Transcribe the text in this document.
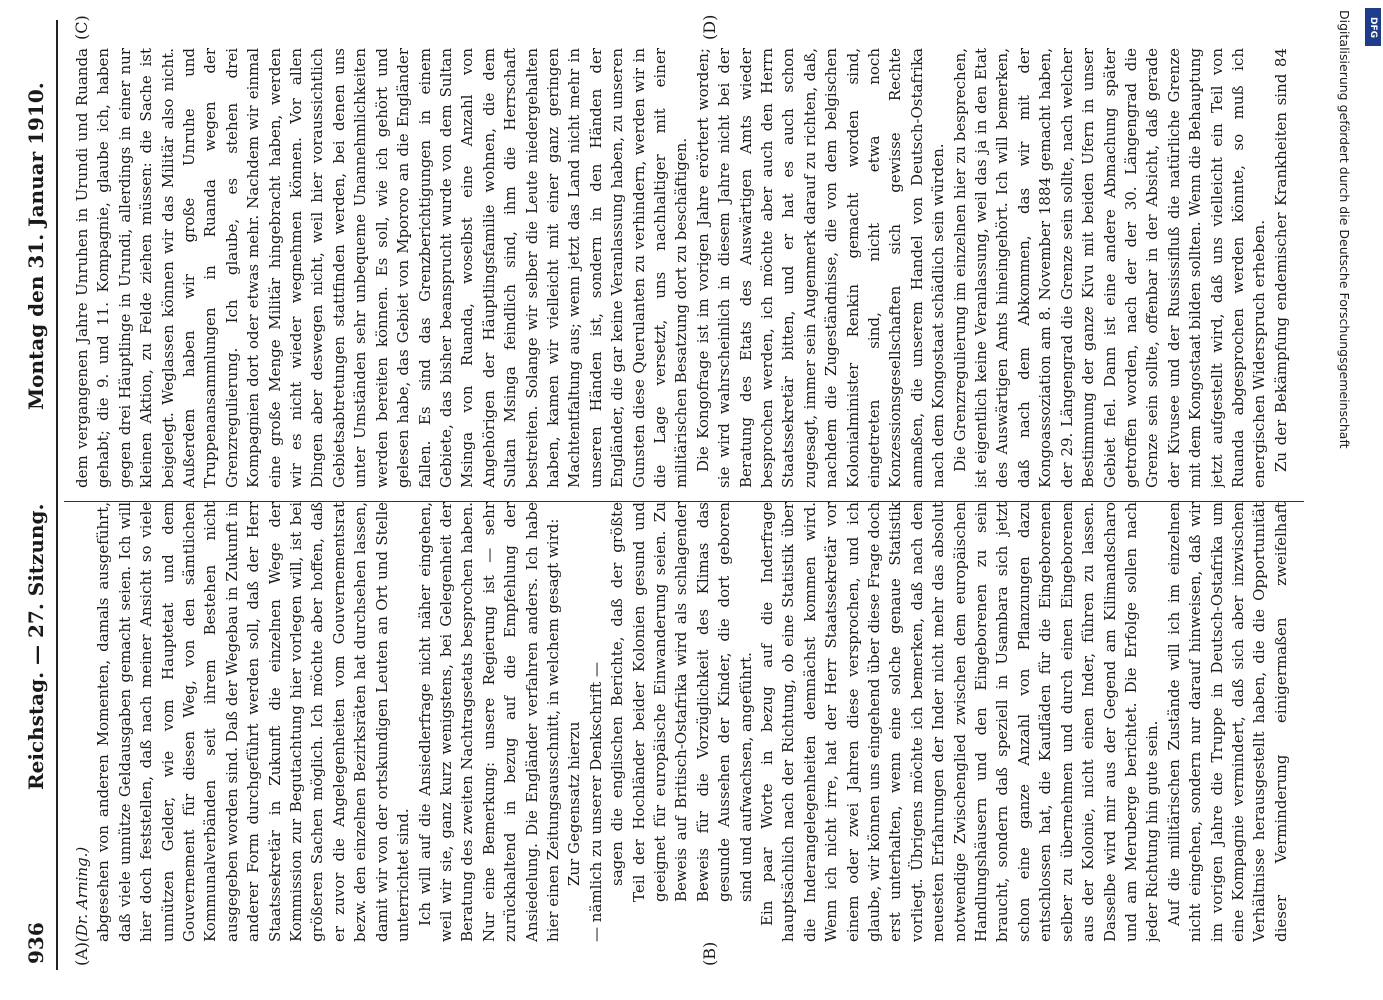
936
Reichstag. — 27. Sitzung.
Montag den 31. Januar 1910.
(A)	(B)
(C)	(D)

(Dr. Arning.) abgesehen von anderen Momenten, damals ausgeführt, daß viele unnütze Geldausgaben gemacht seien. Ich will hier doch feststellen, daß nach meiner Ansicht so viele unnützen Gelder, wie vom Hauptetat und dem Gouvernement für diesen Weg, von den sämtlichen Kommunalverbänden seit ihrem Bestehen nicht ausgegeben worden sind. Daß der Wegebau in Zukunft in anderer Form durchgeführt werden soll, daß der Herr Staatssekretär in Zukunft die einzelnen Wege der Kommission zur Begutachtung hier vorlegen will, ist bei größeren Sachen möglich. Ich möchte aber hoffen, daß er zuvor die Angelegenheiten vom Gouvernementsrat bezw. den einzelnen Bezirksräten hat durchsehen lassen, damit wir von der ortskundigen Leuten an Ort und Stelle unterrichtet sind. Ich will auf die Ansiedlerfrage nicht näher eingehen, weil wir sie, ganz kurz wenigstens, bei Gelegenheit der Beratung des zweiten Nachtragsetats besprochen haben. Nur eine Bemerkung: unsere Regierung ist — sehr zurückhaltend in bezug auf die Empfehlung der Ansiedelung. Die Engländer verfahren anders. Ich habe hier einen Zeitungsausschnitt, in welchem gesagt wird: Zur Gegensatz hierzu — nämlich zu unserer Denkschrift — sagen die englischen Berichte, daß der größte Teil der Hochländer beider Kolonien gesund und geeignet für europäische Einwanderung seien. Zu Beweis auf Britisch-Ostafrika wird als schlagender Beweis für die Vorzüglichkeit des Klimas das gesunde Aussehen der Kinder, die dort geboren sind und aufwachsen, angeführt. Ein paar Worte in bezug auf die Inderfrage hauptsächlich nach der Richtung, ob eine Statistik über die Inderangelegenheiten demnächst kommen wird. Wenn ich nicht irre, hat der Herr Staatssekretär vor einem oder zwei Jahren diese versprochen, und ich glaube, wir können uns eingehend über diese Frage doch erst unterhalten, wenn eine solche genaue Statistik vorliegt. Übrigens möchte ich bemerken, daß nach den neuesten Erfahrungen der Inder nicht mehr das absolut notwendige Zwischenglied zwischen dem europäischen Handlungshäusern und den Eingeborenen zu sein braucht, sondern daß speziell in Usambara sich jetzt schon eine ganze Anzahl von Pflanzungen dazu entschlossen hat, die Kaufläden für die Eingeborenen selber zu übernehmen und durch einen Eingeborenen aus der Kolonie, nicht einen Inder, führen zu lassen. Dasselbe wird mir aus der Gegend am Kilimandscharo und am Meruberge berichtet. Die Erfolge sollen nach jeder Richtung hin gute sein. Auf die militärischen Zustände will ich im einzelnen nicht eingehen, sondern nur darauf hinweisen, daß wir im vorigen Jahre die Truppe in Deutsch-Ostafrika um eine Kompagnie vermindert, daß sich aber inzwischen Verhältnisse herausgestellt haben, die die Opportunität dieser Verminderung einigermaßen zweifelhaft

dem vergangenen Jahre Unruhen in Urundi und Ruanda gehabt; die 9. und 11. Kompagnie, glaube ich, haben gegen drei Häuptlinge in Urundi, allerdings in einer nur kleinen Aktion, zu Felde ziehen müssen: die Sache ist beigelegt. Weglassen können wir das Militär also nicht. Außerdem haben wir große Unruhe und Truppenansammlungen in Ruanda wegen der Grenzregulierung. Ich glaube, es stehen drei Kompagnien dort oder etwas mehr. Nachdem wir einmal eine große Menge Militär hingebracht haben, werden wir es nicht wieder wegnehmen können. Vor allen Dingen aber deswegen nicht, weil hier voraussichtlich Gebietsabtretungen stattfinden werden, bei denen uns unter Umständen sehr unbequeme Unannehmlichkeiten werden bereiten können. Es soll, wie ich gehört und gelesen habe, das Gebiet von Mpororo an die Engländer fallen. Es sind das Grenzberichtigungen in einem Gebiete, das bisher beansprucht wurde von dem Sultan Msinga von Ruanda, woselbst eine Anzahl von Angehörigen der Häuptlingsfamilie wohnen, die dem Sultan Msinga feindlich sind, ihm die Herrschaft bestreiten. Solange wir selber die Leute niedergehalten haben, kamen wir vielleicht mit einer ganz geringen Machtentfaltung aus; wenn jetzt das Land nicht mehr in unseren Händen ist, sondern in den Händen der Engländer, die gar keine Veranlassung haben, zu unseren Gunsten diese Querulanten zu verhindern, werden wir in die Lage versetzt, uns nachhaltiger mit einer militärischen Besatzung dort zu beschäftigen. Die Kongofrage ist im vorigen Jahre erörtert worden; sie wird wahrscheinlich in diesem Jahre nicht bei der Beratung des Etats des Auswärtigen Amts wieder besprochen werden, ich möchte aber auch den Herrn Staatssekretär bitten, und er hat es auch schon zugesagt, immer sein Augenmerk darauf zu richten, daß, nachdem die Zugeständnisse, die von dem belgischen Kolonialminister Renkin gemacht worden sind, eingetreten sind, nicht etwa noch Konzessionsgesellschaften sich gewisse Rechte anmaßen, die unserem Handel von Deutsch-Ostafrika nach dem Kongostaat schädlich sein würden. Die Grenzregulierung im einzelnen hier zu besprechen, ist eigentlich keine Veranlassung, weil das ja in den Etat des Auswärtigen Amts hineingehört. Ich will bemerken, daß nach dem Abkommen, das wir mit der Kongoassoziation am 8. November 1884 gemacht haben, der 29. Längengrad die Grenze sein sollte, nach welcher Bestimmung der ganze Kivu mit beiden Ufern in unser Gebiet fiel. Dann ist eine andere Abmachung später getroffen worden, nach der der 30. Längengrad die Grenze sein sollte, offenbar in der Absicht, daß gerade der Kivusee und der Russissifluß die natürliche Grenze mit dem Kongostaat bilden sollten. Wenn die Behauptung jetzt aufgestellt wird, daß uns vielleicht ein Teil von Ruanda abgesprochen werden könnte, so muß ich energischen Widerspruch erheben. Zu der Bekämpfung endemischer Krankheiten sind 84	Digitalisierung gefördert durch die Deutsche Forschungsgemeinschaft DFG
